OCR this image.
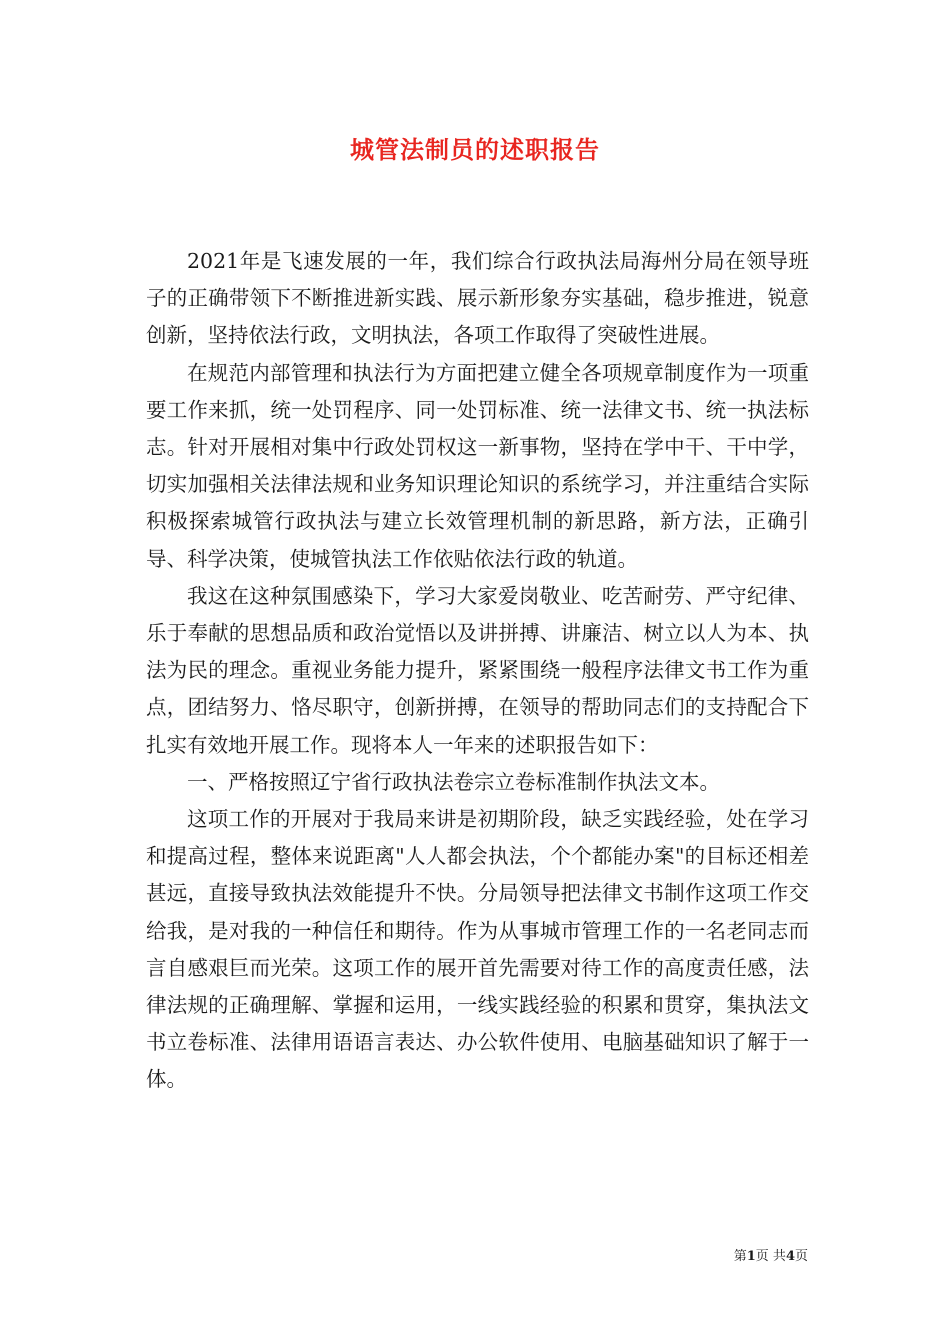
城管法制员的述职报告

2021年是飞速发展的一年，我们综合行政执法局海州分局在领导班子的正确带领下不断推进新实践、展示新形象夯实基础，稳步推进，锐意创新，坚持依法行政，文明执法，各项工作取得了突破性进展。

在规范内部管理和执法行为方面把建立健全各项规章制度作为一项重要工作来抓，统一处罚程序、同一处罚标准、统一法律文书、统一执法标志。针对开展相对集中行政处罚权这一新事物，坚持在学中干、干中学，切实加强相关法律法规和业务知识理论知识的系统学习，并注重结合实际积极探索城管行政执法与建立长效管理机制的新思路，新方法，正确引导、科学决策，使城管执法工作依贴依法行政的轨道。

我这在这种氛围感染下，学习大家爱岗敬业、吃苦耐劳、严守纪律、乐于奉献的思想品质和政治觉悟以及讲拼搏、讲廉洁、树立以人为本、执法为民的理念。重视业务能力提升，紧紧围绕一般程序法律文书工作为重点，团结努力、恪尽职守，创新拼搏，在领导的帮助同志们的支持配合下扎实有效地开展工作。现将本人一年来的述职报告如下：

一、严格按照辽宁省行政执法卷宗立卷标准制作执法文本。

这项工作的开展对于我局来讲是初期阶段，缺乏实践经验，处在学习和提高过程，整体来说距离"人人都会执法，个个都能办案"的目标还相差甚远，直接导致执法效能提升不快。分局领导把法律文书制作这项工作交给我，是对我的一种信任和期待。作为从事城市管理工作的一名老同志而言自感艰巨而光荣。这项工作的展开首先需要对待工作的高度责任感，法律法规的正确理解、掌握和运用，一线实践经验的积累和贯穿，集执法文书立卷标准、法律用语语言表达、办公软件使用、电脑基础知识了解于一体。

第1页 共4页
